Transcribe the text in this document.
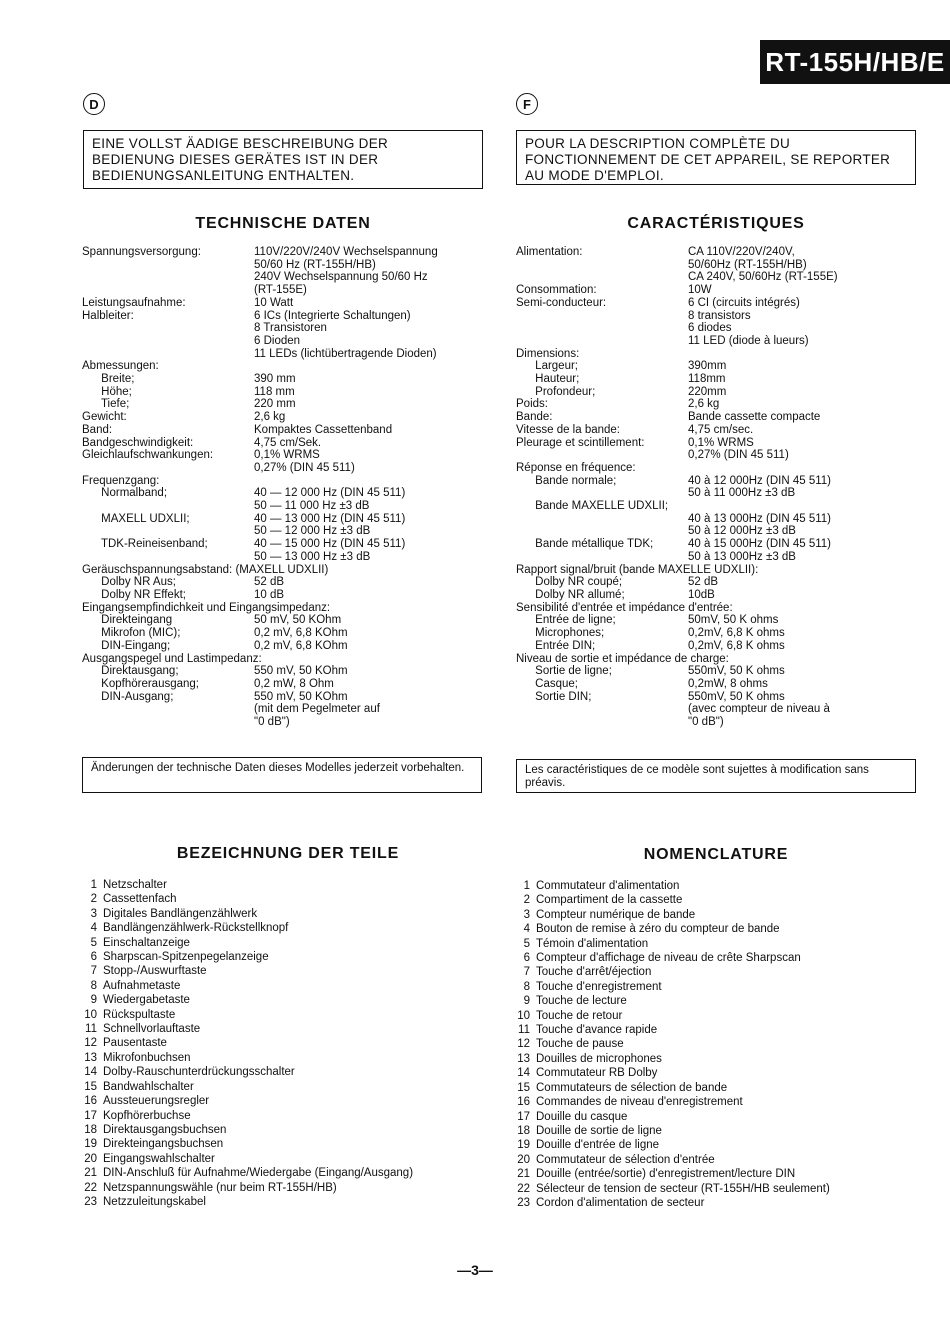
RT-155H/HB/E
D
EINE VOLLST ÄADIGE BESCHREIBUNG DER BEDIENUNG DIESES GERÄTES IST IN DER BEDIENUNGSANLEITUNG ENTHALTEN.
TECHNISCHE DATEN
Spannungsversorgung:	110V/220V/240V Wechselspannung
50/60 Hz (RT-155H/HB)
240V Wechselspannung 50/60 Hz
(RT-155E)
Leistungsaufnahme:	10 Watt
Halbleiter:	6 ICs (Integrierte Schaltungen)
8 Transistoren
6 Dioden
11 LEDs (lichtübertragende Dioden)
Abmessungen:
Breite;	390 mm
Höhe;	118 mm
Tiefe;	220 mm
Gewicht:	2,6 kg
Band:	Kompaktes Cassettenband
Bandgeschwindigkeit:	4,75 cm/Sek.
Gleichlaufschwankungen:	0,1% WRMS
0,27% (DIN 45 511)
Frequenzgang:
Normalband;	40 — 12 000 Hz (DIN 45 511)
50 — 11 000 Hz ±3 dB
MAXELL UDXLII;	40 — 13 000 Hz (DIN 45 511)
50 — 12 000 Hz ±3 dB
TDK-Reineisenband;	40 — 15 000 Hz (DIN 45 511)
50 — 13 000 Hz ±3 dB
Geräuschspannungsabstand: (MAXELL UDXLII)
Dolby NR Aus;	52 dB
Dolby NR Effekt;	10 dB
Eingangsempfindichkeit und Eingangsimpedanz:
Direkteingang	50 mV, 50 KOhm
Mikrofon (MIC);	0,2 mV, 6,8 KOhm
DIN-Eingang;	0,2 mV, 6,8 KOhm
Ausgangspegel und Lastimpedanz:
Direktausgang;	550 mV, 50 KOhm
Kopfhörerausgang;	0,2 mW, 8 Ohm
DIN-Ausgang;	550 mV, 50 KOhm
(mit dem Pegelmeter auf
"0 dB")
Änderungen der technische Daten dieses Modelles jederzeit vorbehalten.
BEZEICHNUNG DER TEILE
1 Netzschalter
2 Cassettenfach
3 Digitales Bandlängenzählwerk
4 Bandlängenzählwerk-Rückstellknopf
5 Einschaltanzeige
6 Sharpscan-Spitzenpegelanzeige
7 Stopp-/Auswurftaste
8 Aufnahmetaste
9 Wiedergabetaste
10 Rückspultaste
11 Schnellvorlauftaste
12 Pausentaste
13 Mikrofonbuchsen
14 Dolby-Rauschunterdrückungsschalter
15 Bandwahlschalter
16 Aussteuerungsregler
17 Kopfhörerbuchse
18 Direktausgangsbuchsen
19 Direkteingangsbuchsen
20 Eingangswahlschalter
21 DIN-Anschluß für Aufnahme/Wiedergabe (Eingang/Ausgang)
22 Netzspannungswähle (nur beim RT-155H/HB)
23 Netzzuleitungskabel
F
POUR LA DESCRIPTION COMPLÈTE DU FONCTIONNEMENT DE CET APPAREIL, SE REPORTER AU MODE D'EMPLOI.
CARACTÉRISTIQUES
Alimentation:	CA 110V/220V/240V,
50/60Hz (RT-155H/HB)
CA 240V, 50/60Hz (RT-155E)
Consommation:	10W
Semi-conducteur:	6 CI (circuits intégrés)
8 transistors
6 diodes
11 LED (diode à lueurs)
Dimensions:
Largeur;	390mm
Hauteur;	118mm
Profondeur;	220mm
Poids:	2,6 kg
Bande:	Bande cassette compacte
Vitesse de la bande:	4,75 cm/sec.
Pleurage et scintillement:	0,1% WRMS
0,27% (DIN 45 511)
Réponse en fréquence:
Bande normale;	40 à 12 000Hz (DIN 45 511)
50 à 11 000Hz ±3 dB
Bande MAXELLE UDXLII;
40 à 13 000Hz (DIN 45 511)
50 à 12 000Hz ±3 dB
Bande métallique TDK;	40 à 15 000Hz (DIN 45 511)
50 à 13 000Hz ±3 dB
Rapport signal/bruit (bande MAXELLE UDXLII):
Dolby NR coupé;	52 dB
Dolby NR allumé;	10dB
Sensibilité d'entrée et impédance d'entrée:
Entrée de ligne;	50mV, 50 K ohms
Microphones;	0,2mV, 6,8 K ohms
Entrée DIN;	0,2mV, 6,8 K ohms
Niveau de sortie et impédance de charge:
Sortie de ligne;	550mV, 50 K ohms
Casque;	0,2mW, 8 ohms
Sortie DIN;	550mV, 50 K ohms
(avec compteur de niveau à
"0 dB")
Les caractéristiques de ce modèle sont sujettes à modification sans préavis.
NOMENCLATURE
1 Commutateur d'alimentation
2 Compartiment de la cassette
3 Compteur numérique de bande
4 Bouton de remise à zéro du compteur de bande
5 Témoin d'alimentation
6 Compteur d'affichage de niveau de crête Sharpscan
7 Touche d'arrêt/éjection
8 Touche d'enregistrement
9 Touche de lecture
10 Touche de retour
11 Touche d'avance rapide
12 Touche de pause
13 Douilles de microphones
14 Commutateur RB Dolby
15 Commutateurs de sélection de bande
16 Commandes de niveau d'enregistrement
17 Douille du casque
18 Douille de sortie de ligne
19 Douille d'entrée de ligne
20 Commutateur de sélection d'entrée
21 Douille (entrée/sortie) d'enregistrement/lecture DIN
22 Sélecteur de tension de secteur (RT-155H/HB seulement)
23 Cordon d'alimentation de secteur
—3—
